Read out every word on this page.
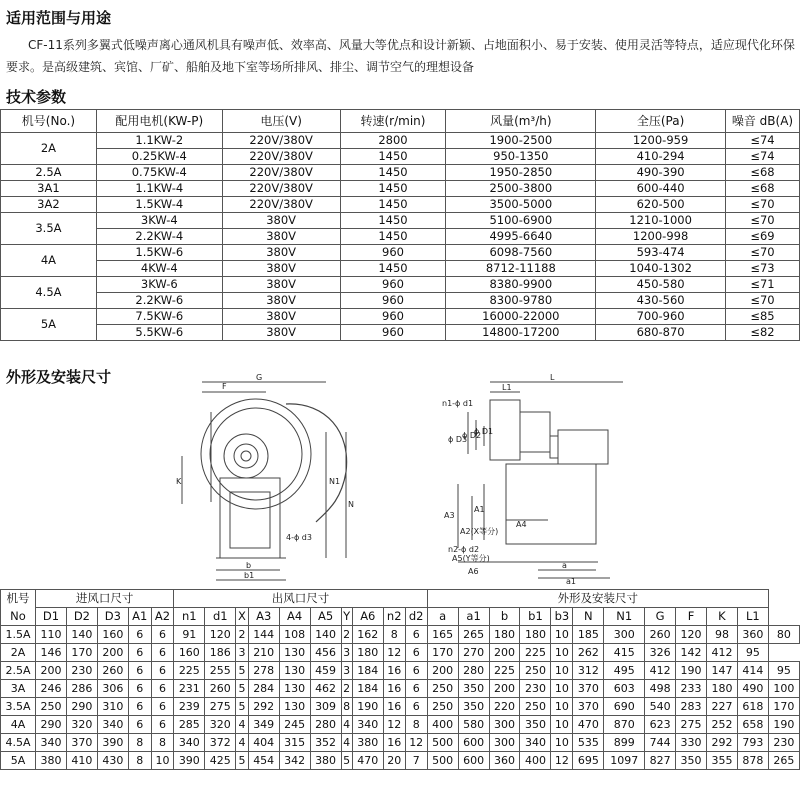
适用范围与用途
CF-11系列多翼式低噪声离心通风机具有噪声低、效率高、风量大等优点和设计新颖、占地面积小、易于安装、使用灵活等特点，适应现代化环保要求。是高级建筑、宾馆、厂矿、船舶及地下室等场所排风、排尘、调节空气的理想设备
技术参数
机号(No.)	配用电机(KW-P)	电压(V)	转速(r/min)	风量(m³/h)	全压(Pa)	噪音 dB(A)
2A	1.1KW-2	220V/380V	2800	1900-2500	1200-959	≤74
	0.25KW-4	220V/380V	1450	950-1350	410-294	≤74
2.5A	0.75KW-4	220V/380V	1450	1950-2850	490-390	≤68
3A1	1.1KW-4	220V/380V	1450	2500-3800	600-440	≤68
3A2	1.5KW-4	220V/380V	1450	3500-5000	620-500	≤70
3.5A	3KW-4	380V	1450	5100-6900	1210-1000	≤70
	2.2KW-4	380V	1450	4995-6640	1200-998	≤69
4A	1.5KW-6	380V	960	6098-7560	593-474	≤70
	4KW-4	380V	1450	8712-11188	1040-1302	≤73
4.5A	3KW-6	380V	960	8380-9900	450-580	≤71
	2.2KW-6	380V	960	8300-9780	430-560	≤70
5A	7.5KW-6	380V	960	16000-22000	700-960	≤85
	5.5KW-6	380V	960	14800-17200	680-870	≤82
外形及安装尺寸
F
G
K	N1
N
4-ϕ d3
b
b1
L1
L
n1-ϕ d1
ϕ D3
ϕ D2
ϕ D1
A3
A2(X等分)
A1
A4
n2-ϕ d2
A5(Y等分)
A6
a
a1
机号	进风口尺寸					出风口尺寸										外形及安装尺寸											
No	D1	D2	D3	A1	A2	n1	d1	X	A3	A4	A5	Y	A6	n2	d2	a	a1	b	b1	b3	N	N1	G	F	K	L1	
1.5A	110	140	160	6	6	91	120	2	144	108	140	2	162	8	6	165	265	180	180	10	185	300	260	120	98	360	80
2A	146	170	200	6	6	160	186	3	210	130	456	3	180	12	6	170	270	200	225	10	262	415	326	142	412	95	
2.5A	200	230	260	6	6	225	255	5	278	130	459	3	184	16	6	200	280	225	250	10	312	495	412	190	147	414	95
3A	246	286	306	6	6	231	260	5	284	130	462	2	184	16	6	250	350	200	230	10	370	603	498	233	180	490	100
3.5A	250	290	310	6	6	239	275	5	292	130	309	8	190	16	6	250	350	220	250	10	370	690	540	283	227	618	170
4A	290	320	340	6	6	285	320	4	349	245	280	4	340	12	8	400	580	300	350	10	470	870	623	275	252	658	190
4.5A	340	370	390	8	8	340	372	4	404	315	352	4	380	16	12	500	600	300	340	10	535	899	744	330	292	793	230
5A	380	410	430	8	10	390	425	5	454	342	380	5	470	20	7	500	600	360	400	12	695	1097	827	350	355	878	265
